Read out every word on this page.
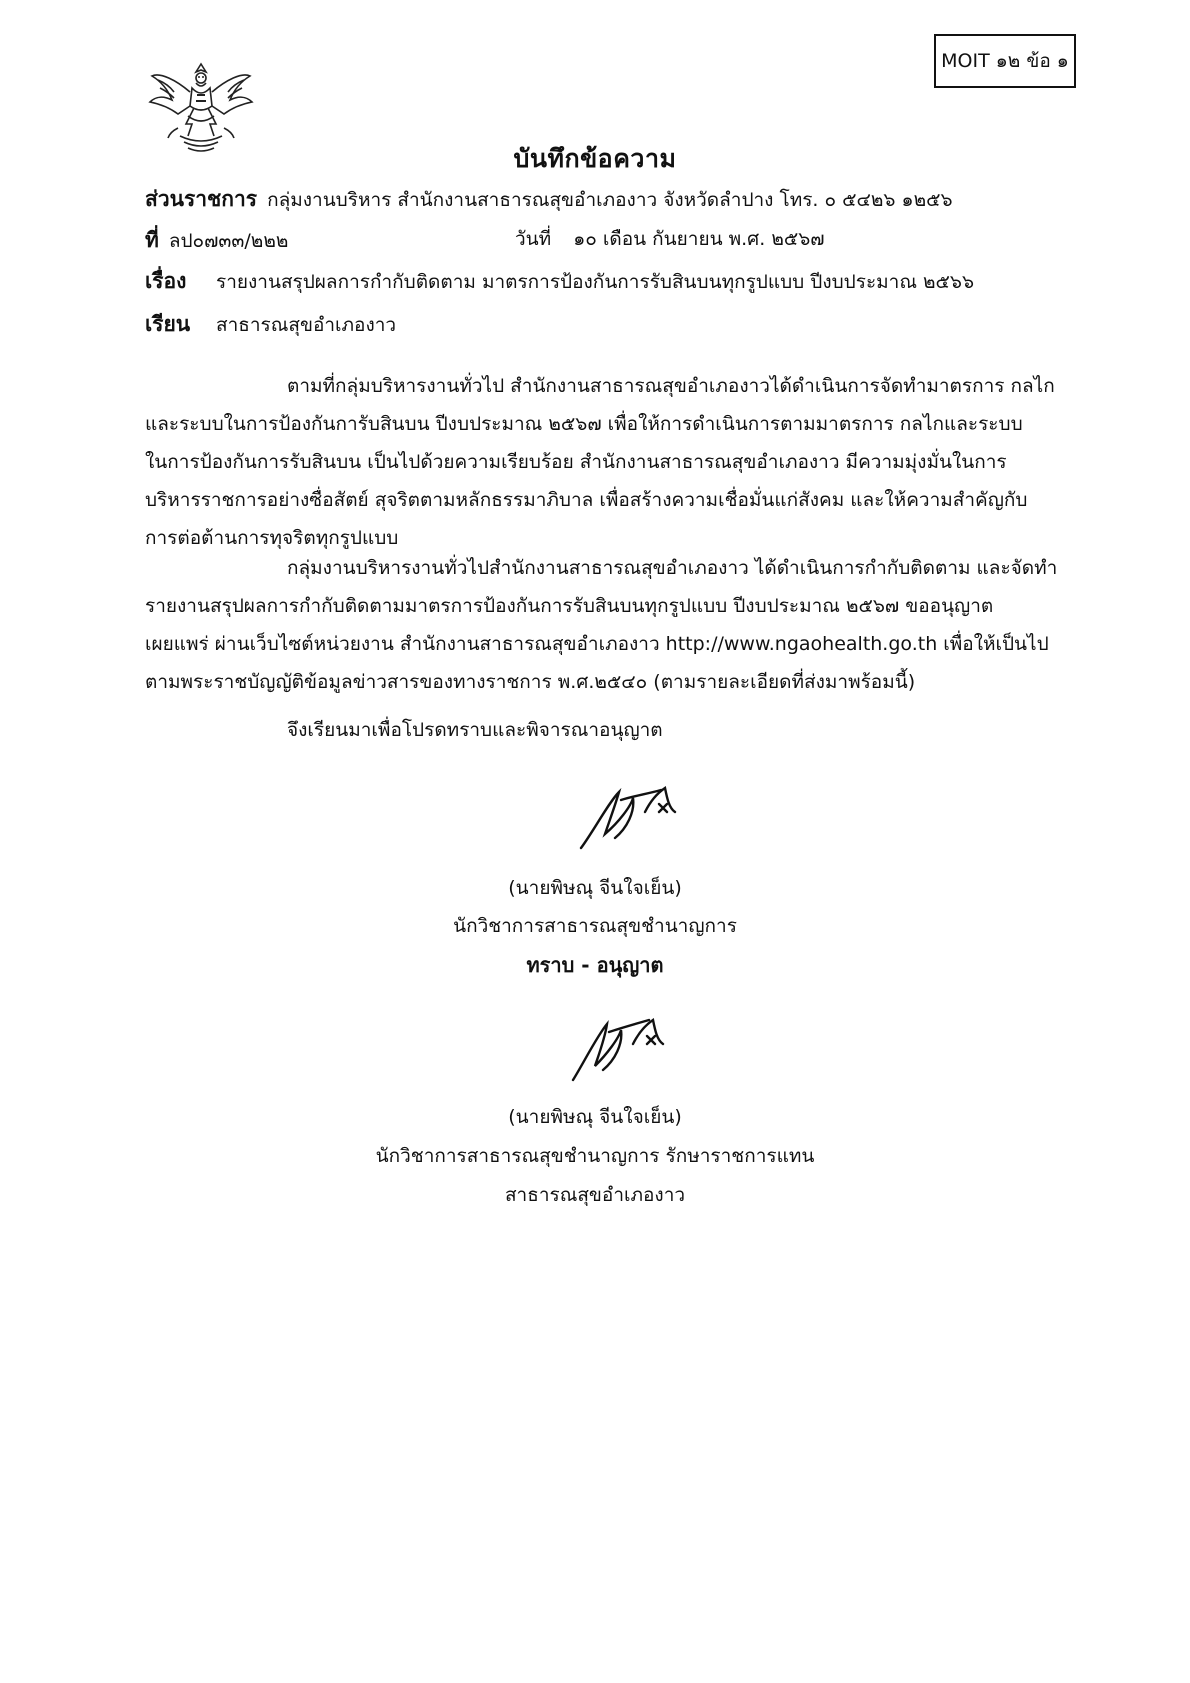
MOIT ๑๒ ข้อ ๑
บันทึกข้อความ
ส่วนราชการ กลุ่มงานบริหาร สำนักงานสาธารณสุขอำเภองาว จังหวัดลำปาง โทร. ๐ ๕๔๒๖ ๑๒๕๖
ที่ ลป๐๗๓๓/๒๒๒	วันที่ ๑๐ เดือน กันยายน พ.ศ. ๒๕๖๗
เรื่อง รายงานสรุปผลการกำกับติดตาม มาตรการป้องกันการรับสินบนทุกรูปแบบ ปีงบประมาณ ๒๕๖๖
เรียน สาธารณสุขอำเภองาว
ตามที่กลุ่มบริหารงานทั่วไป สำนักงานสาธารณสุขอำเภองาวได้ดำเนินการจัดทำมาตรการ กลไก
และระบบในการป้องกันการับสินบน ปีงบประมาณ ๒๕๖๗ เพื่อให้การดำเนินการตามมาตรการ กลไกและระบบ
ในการป้องกันการรับสินบน เป็นไปด้วยความเรียบร้อย สำนักงานสาธารณสุขอำเภองาว มีความมุ่งมั่นในการ
บริหารราชการอย่างซื่อสัตย์ สุจริตตามหลักธรรมาภิบาล เพื่อสร้างความเชื่อมั่นแก่สังคม และให้ความสำคัญกับ
การต่อต้านการทุจริตทุกรูปแบบ
กลุ่มงานบริหารงานทั่วไปสำนักงานสาธารณสุขอำเภองาว ได้ดำเนินการกำกับติดตาม และจัดทำ
รายงานสรุปผลการกำกับติดตามมาตรการป้องกันการรับสินบนทุกรูปแบบ ปีงบประมาณ ๒๕๖๗ ขออนุญาต
เผยแพร่ ผ่านเว็บไซต์หน่วยงาน สำนักงานสาธารณสุขอำเภองาว http://www.ngaohealth.go.th เพื่อให้เป็นไป
ตามพระราชบัญญัติข้อมูลข่าวสารของทางราชการ พ.ศ.๒๕๔๐ (ตามรายละเอียดที่ส่งมาพร้อมนี้)
จึงเรียนมาเพื่อโปรดทราบและพิจารณาอนุญาต
(นายพิษณุ จีนใจเย็น)
นักวิชาการสาธารณสุขชำนาญการ
ทราบ - อนุญาต
(นายพิษณุ จีนใจเย็น)
นักวิชาการสาธารณสุขชำนาญการ รักษาราชการแทน
สาธารณสุขอำเภองาว
